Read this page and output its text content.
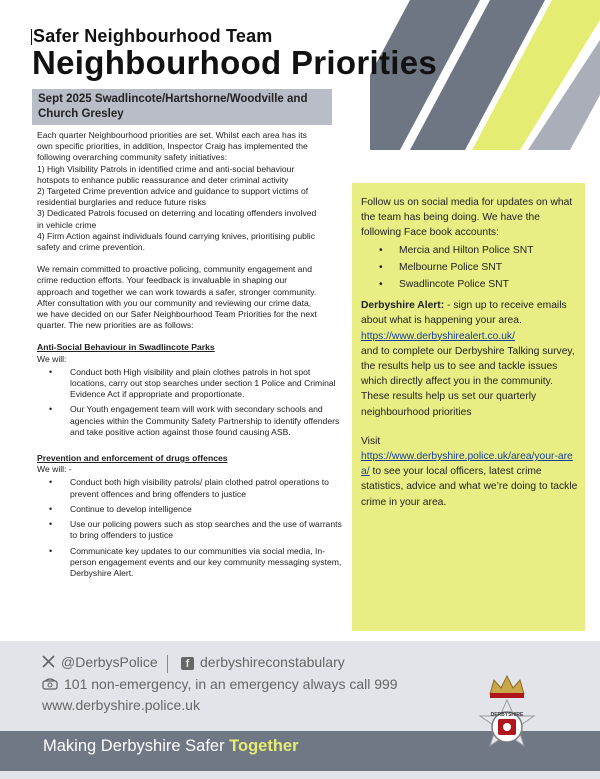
Safer Neighbourhood Team
Neighbourhood Priorities
Sept 2025 Swadlincote/Hartshorne/Woodville and Church Gresley

Each quarter Neighbourhood priorities are set. Whilst each area has its

own specific priorities, in addition, Inspector Craig has implemented the

following overarching community safety initiatives:

1) High Visibility Patrols in identified crime and anti-social behaviour

hotspots to enhance public reassurance and deter criminal activity

2) Targeted Crime prevention advice and guidance to support victims of

residential burglaries and reduce future risks

3) Dedicated Patrols focused on deterring and locating offenders involved

in vehicle crime

4) Firm Action against individuals found carrying knives, prioritising public

safety and crime prevention.

We remain committed to proactive policing, community engagement and

crime reduction efforts. Your feedback is invaluable in shaping our

approach and together we can work towards a safer, stronger community.

After consultation with you our community and reviewing our crime data,

we have decided on our Safer Neighbourhood Team Priorities for the next

quarter. The new priorities are as follows:

Anti-Social Behaviour in Swadlincote Parks

We will:

• Conduct both High visibility and plain clothes patrols in hot spot locations, carry out stop searches under section 1 Police and Criminal Evidence Act if appropriate and proportionate.
• Our Youth engagement team will work with secondary schools and agencies within the Community Safety Partnership to identify offenders and take positive action against those found causing ASB.

Prevention and enforcement of drugs offences

We will: -

• Conduct both high visibility patrols/ plain clothed patrol operations to prevent offences and bring offenders to justice
• Continue to develop intelligence
• Use our policing powers such as stop searches and the use of warrants to bring offenders to justice
• Communicate key updates to our communities via social media, In-person engagement events and our key community messaging system, Derbyshire Alert.

Follow us on social media for updates on what the team has being doing. We have the following Face book accounts:

• Mercia and Hilton Police SNT
• Melbourne Police SNT
• Swadlincote Police SNT

Derbyshire Alert: - sign up to receive emails about what is happening your area.

https://www.derbyshirealert.co.uk/

and to complete our Derbyshire Talking survey, the results help us to see and tackle issues which directly affect you in the community. These results help us set our quarterly neighbourhood priorities

Visit

https://www.derbyshire.police.uk/area/your-area/ to see your local officers, latest crime statistics, advice and what we’re doing to tackle crime in your area.

@DerbysPolice	f derbyshireconstabulary
101 non-emergency, in an emergency always call 999
www.derbyshire.police.uk
Making Derbyshire Safer Together
DERBYSHIRE
